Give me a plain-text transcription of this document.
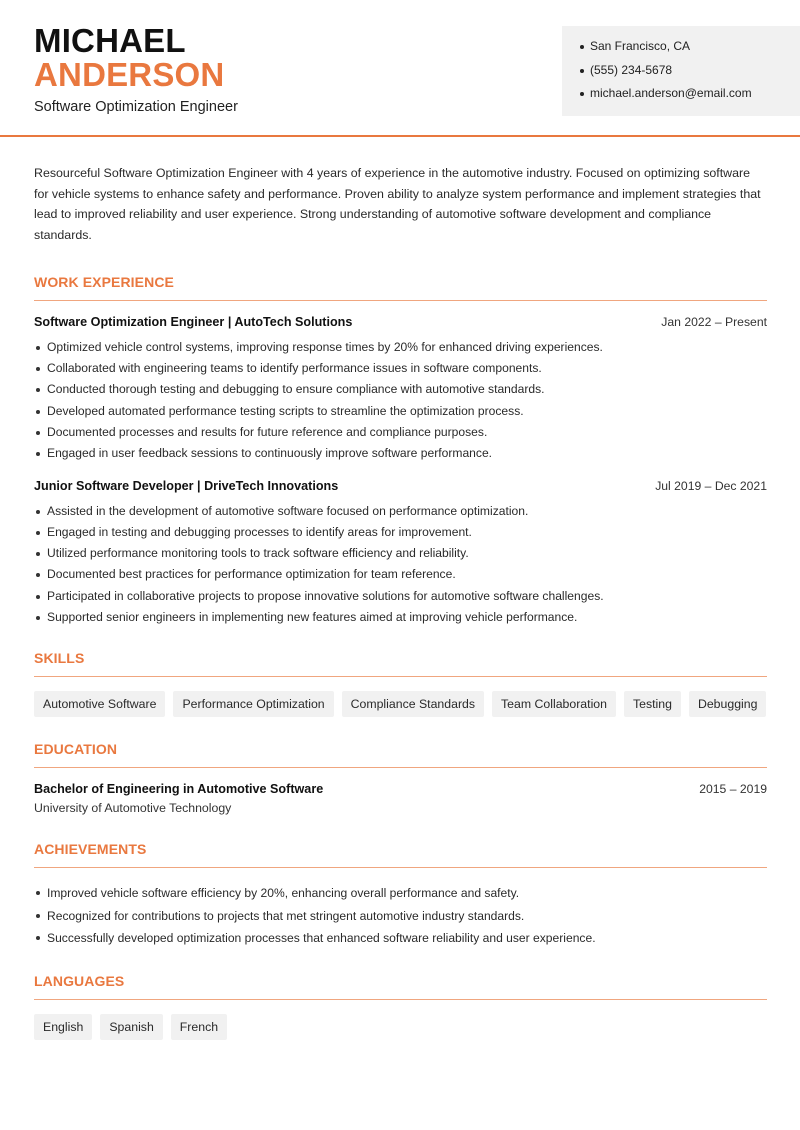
MICHAEL
ANDERSON
Software Optimization Engineer
San Francisco, CA
(555) 234-5678
michael.anderson@email.com

Resourceful Software Optimization Engineer with 4 years of experience in the automotive industry. Focused on optimizing software for vehicle systems to enhance safety and performance. Proven ability to analyze system performance and implement strategies that lead to improved reliability and user experience. Strong understanding of automotive software development and compliance standards.

WORK EXPERIENCE
Software Optimization Engineer | AutoTech Solutions	Jan 2022 – Present
Optimized vehicle control systems, improving response times by 20% for enhanced driving experiences.
Collaborated with engineering teams to identify performance issues in software components.
Conducted thorough testing and debugging to ensure compliance with automotive standards.
Developed automated performance testing scripts to streamline the optimization process.
Documented processes and results for future reference and compliance purposes.
Engaged in user feedback sessions to continuously improve software performance.
Junior Software Developer | DriveTech Innovations	Jul 2019 – Dec 2021
Assisted in the development of automotive software focused on performance optimization.
Engaged in testing and debugging processes to identify areas for improvement.
Utilized performance monitoring tools to track software efficiency and reliability.
Documented best practices for performance optimization for team reference.
Participated in collaborative projects to propose innovative solutions for automotive software challenges.
Supported senior engineers in implementing new features aimed at improving vehicle performance.
SKILLS
Automotive Software	Performance Optimization	Compliance Standards	Team Collaboration	Testing	Debugging
EDUCATION
Bachelor of Engineering in Automotive Software	2015 – 2019
University of Automotive Technology
ACHIEVEMENTS
Improved vehicle software efficiency by 20%, enhancing overall performance and safety.
Recognized for contributions to projects that met stringent automotive industry standards.
Successfully developed optimization processes that enhanced software reliability and user experience.
LANGUAGES
English	Spanish	French
